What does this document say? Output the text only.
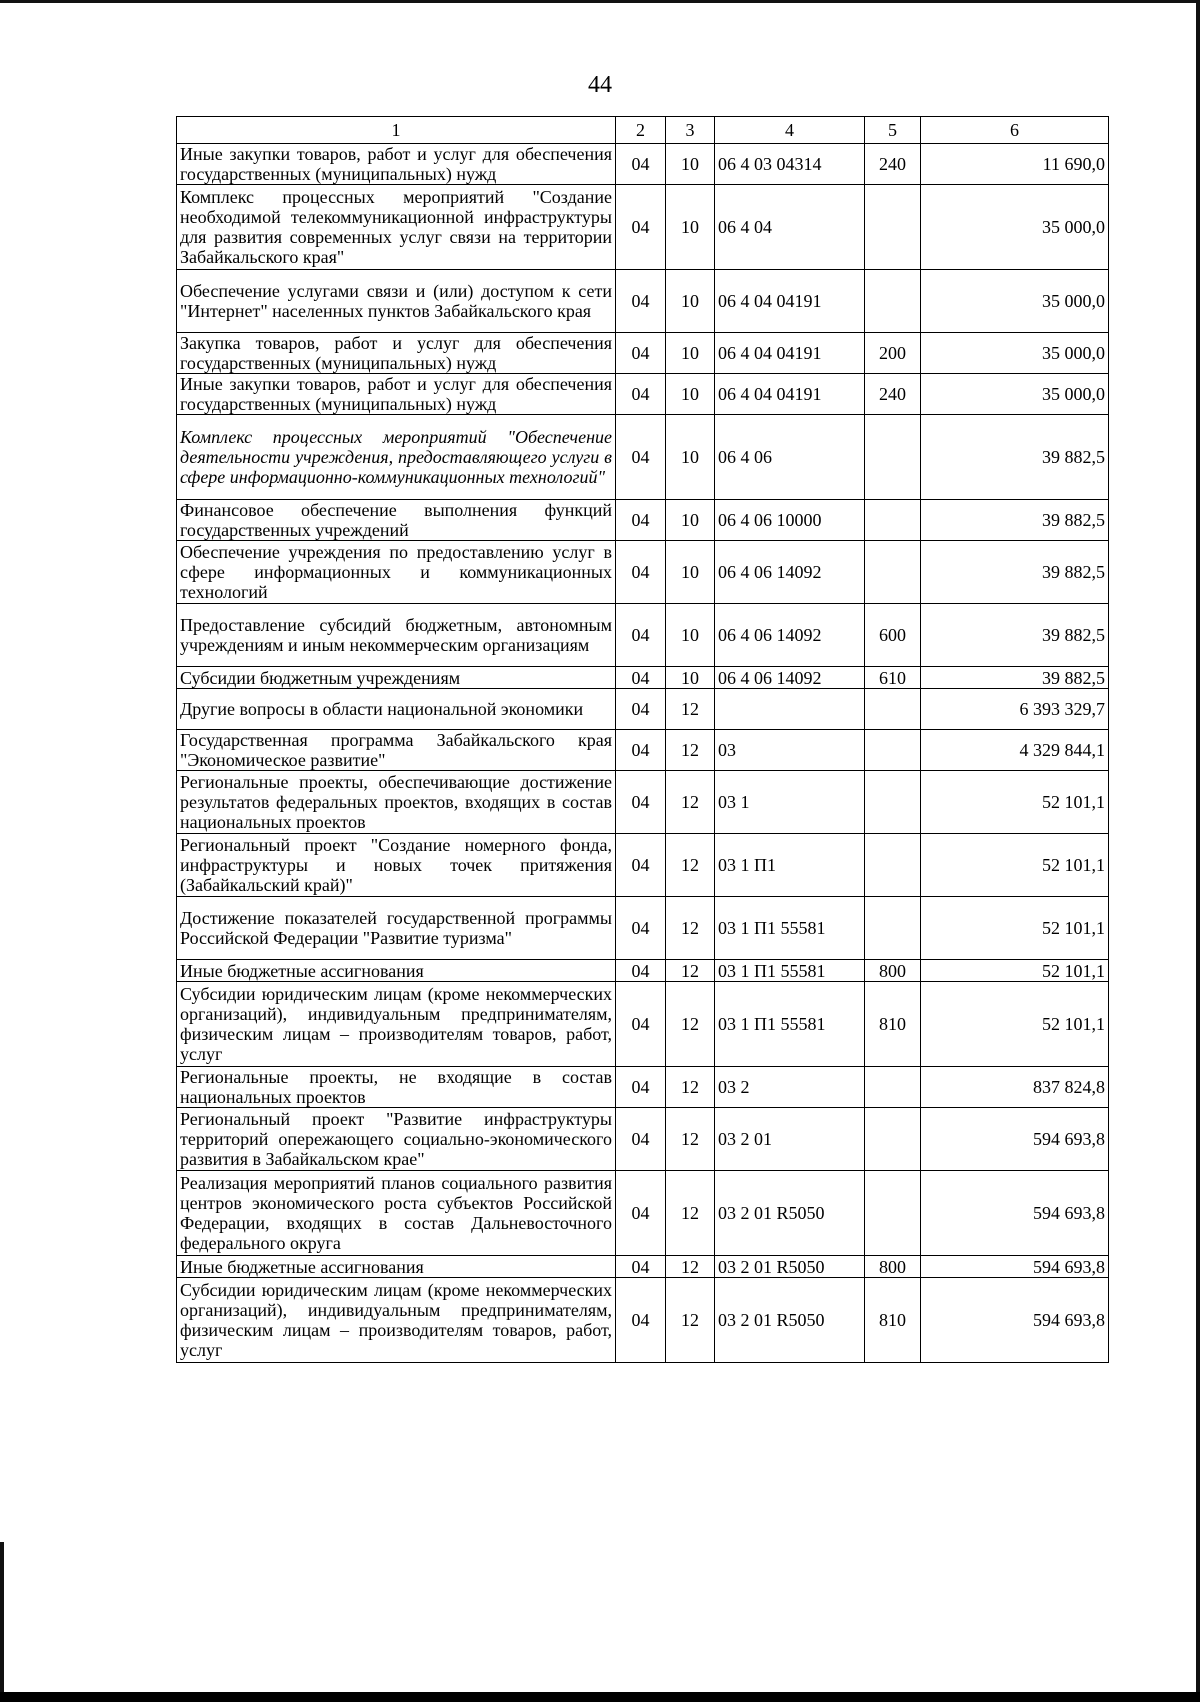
44
1	2	3	4	5	6
Иные закупки товаров, работ и услуг для обеспечения государственных (муниципальных) нужд	04	10	06 4 03 04314	240	11 690,0
Комплекс процессных мероприятий "Создание необходимой телекоммуникационной инфраструктуры для развития современных услуг связи на территории Забайкальского края"	04	10	06 4 04		35 000,0
Обеспечение услугами связи и (или) доступом к сети "Интернет" населенных пунктов Забайкальского края	04	10	06 4 04 04191		35 000,0
Закупка товаров, работ и услуг для обеспечения государственных (муниципальных) нужд	04	10	06 4 04 04191	200	35 000,0
Иные закупки товаров, работ и услуг для обеспечения государственных (муниципальных) нужд	04	10	06 4 04 04191	240	35 000,0
Комплекс процессных мероприятий "Обеспечение деятельности учреждения, предоставляющего услуги в сфере информационно-коммуникационных технологий"	04	10	06 4 06		39 882,5
Финансовое обеспечение выполнения функций государственных учреждений	04	10	06 4 06 10000		39 882,5
Обеспечение учреждения по предоставлению услуг в сфере информационных и коммуникационных технологий	04	10	06 4 06 14092		39 882,5
Предоставление субсидий бюджетным, автономным учреждениям и иным некоммерческим организациям	04	10	06 4 06 14092	600	39 882,5
Субсидии бюджетным учреждениям	04	10	06 4 06 14092	610	39 882,5
Другие вопросы в области национальной экономики	04	12			6 393 329,7
Государственная программа Забайкальского края "Экономическое развитие"	04	12	03		4 329 844,1
Региональные проекты, обеспечивающие достижение результатов федеральных проектов, входящих в состав национальных проектов	04	12	03 1		52 101,1
Региональный проект "Создание номерного фонда, инфраструктуры и новых точек притяжения (Забайкальский край)"	04	12	03 1 П1		52 101,1
Достижение показателей государственной программы Российской Федерации "Развитие туризма"	04	12	03 1 П1 55581		52 101,1
Иные бюджетные ассигнования	04	12	03 1 П1 55581	800	52 101,1
Субсидии юридическим лицам (кроме некоммерческих организаций), индивидуальным предпринимателям, физическим лицам – производителям товаров, работ, услуг	04	12	03 1 П1 55581	810	52 101,1
Региональные проекты, не входящие в состав национальных проектов	04	12	03 2		837 824,8
Региональный проект "Развитие инфраструктуры территорий опережающего социально-экономического развития в Забайкальском крае"	04	12	03 2 01		594 693,8
Реализация мероприятий планов социального развития центров экономического роста субъектов Российской Федерации, входящих в состав Дальневосточного федерального округа	04	12	03 2 01 R5050		594 693,8
Иные бюджетные ассигнования	04	12	03 2 01 R5050	800	594 693,8
Субсидии юридическим лицам (кроме некоммерческих организаций), индивидуальным предпринимателям, физическим лицам – производителям товаров, работ, услуг	04	12	03 2 01 R5050	810	594 693,8
